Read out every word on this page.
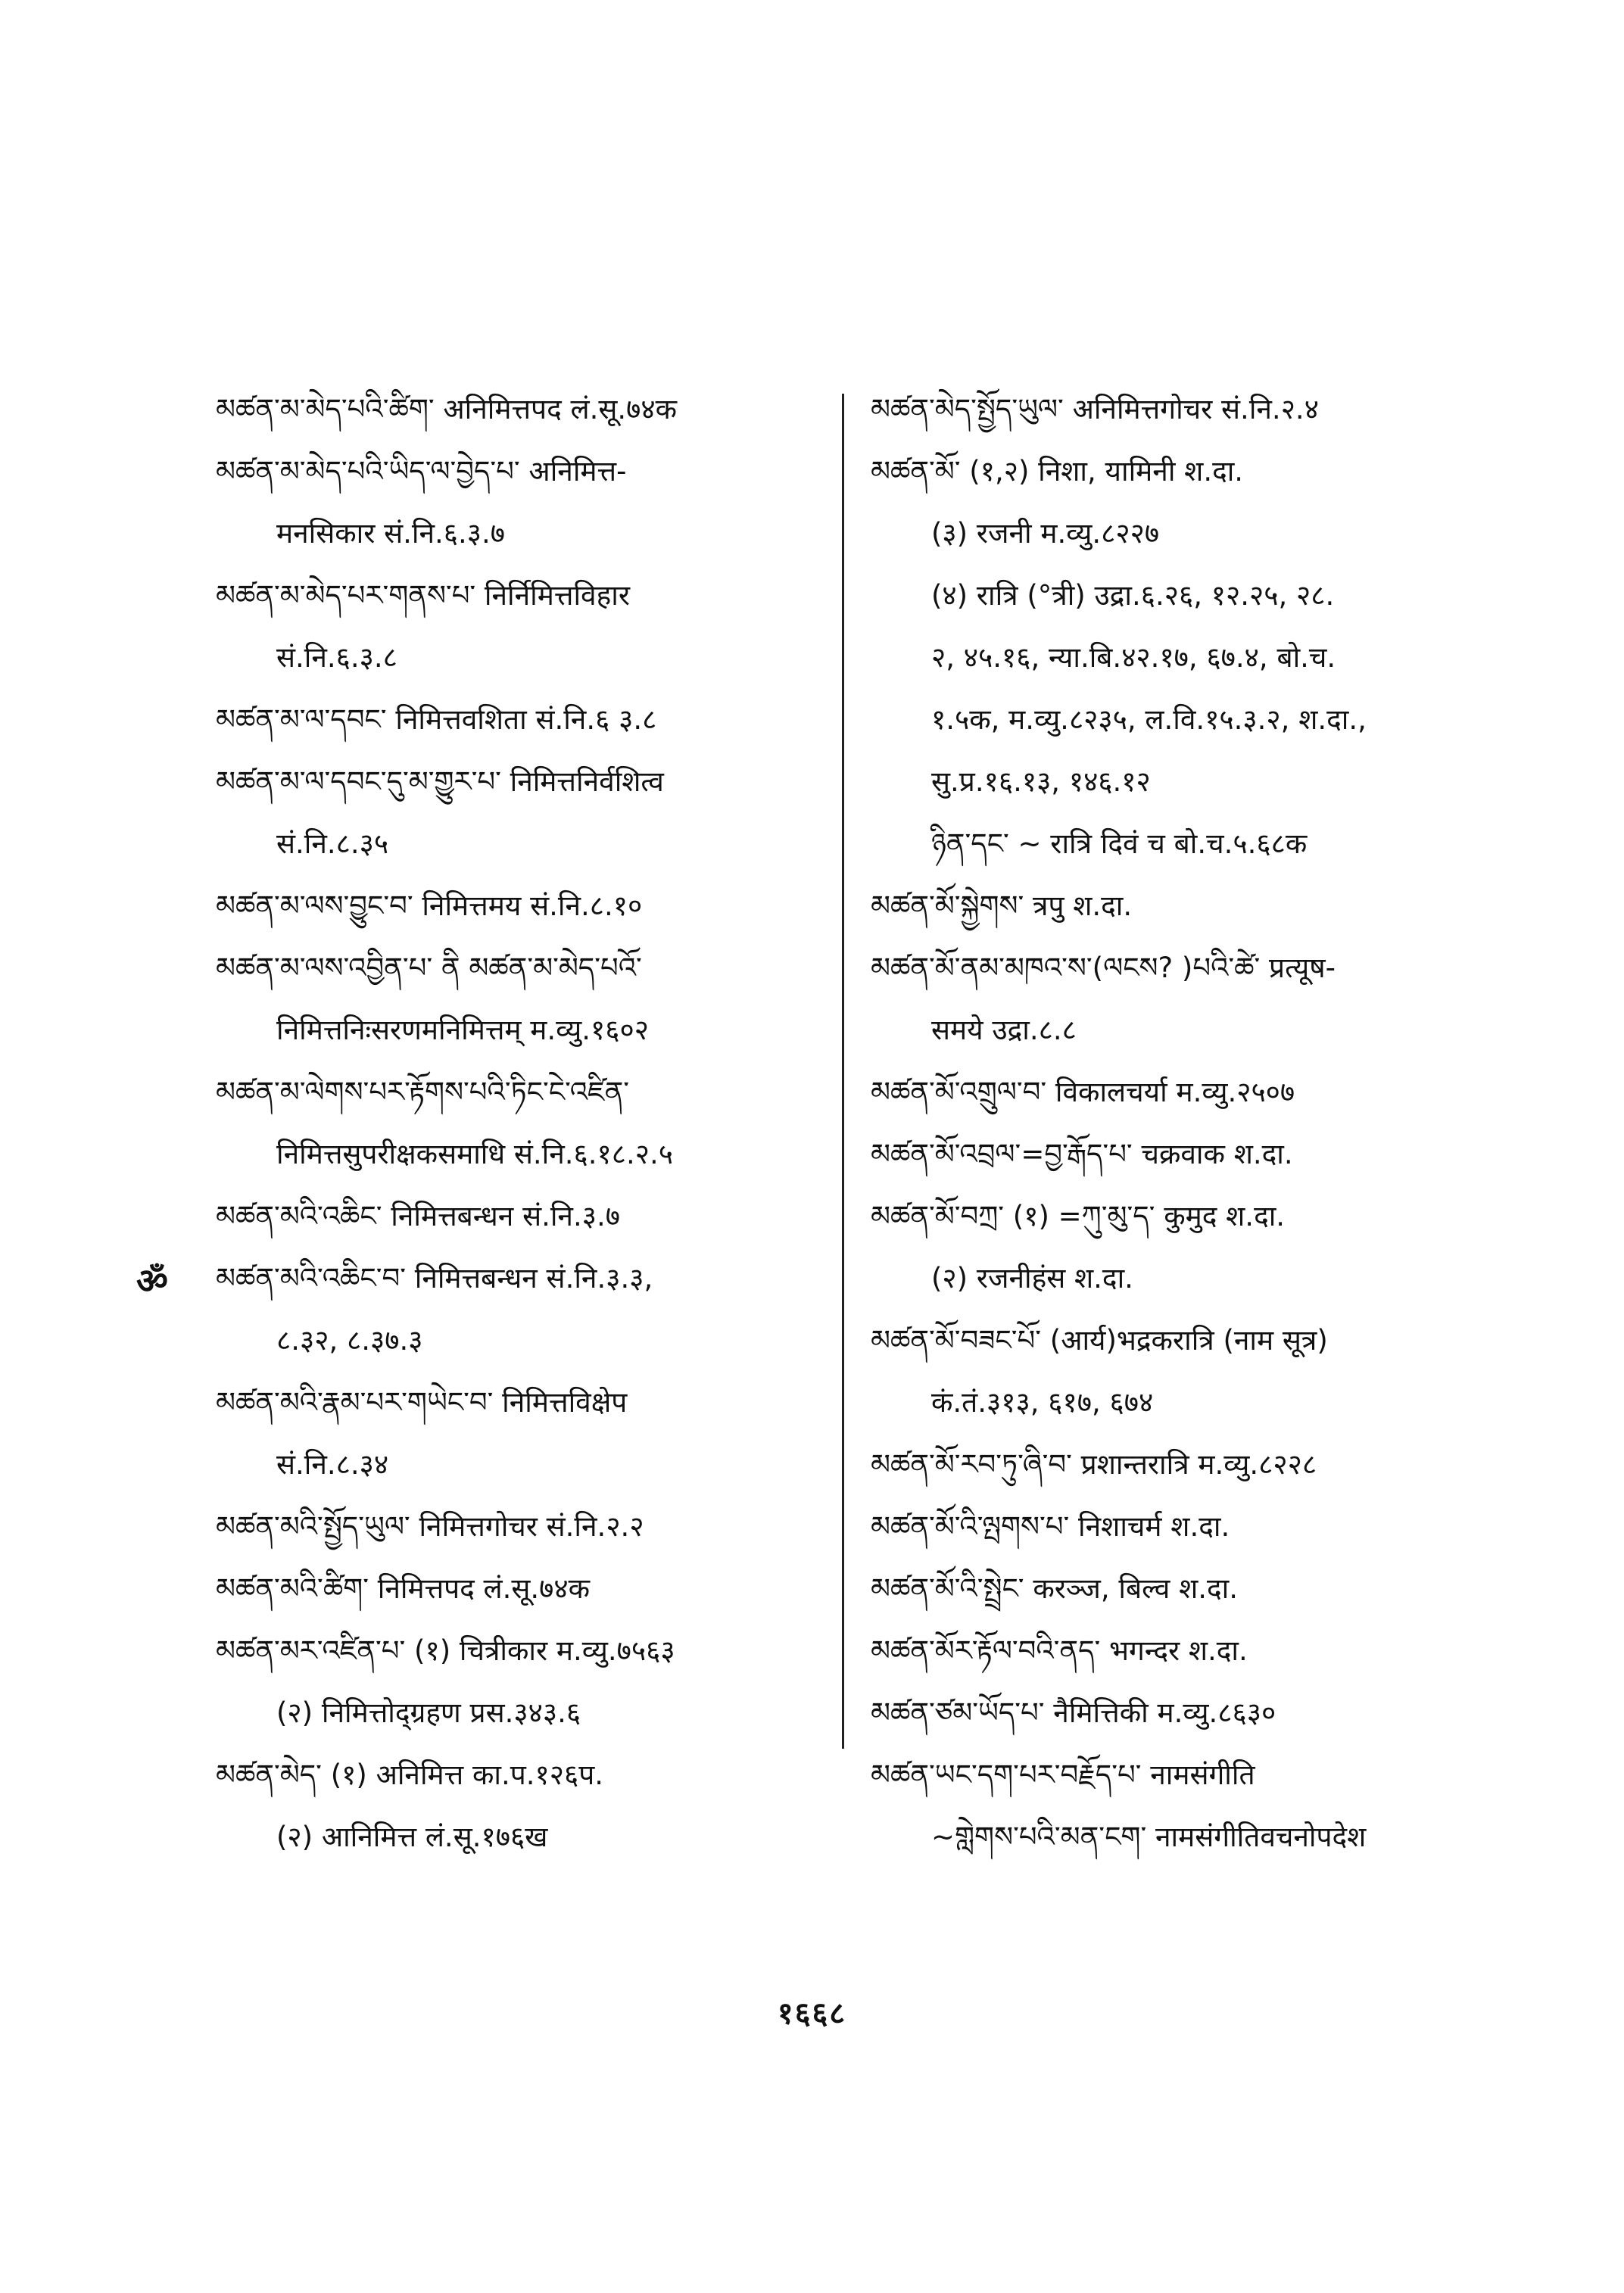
ॐ
མཚན་མ་མེད་པའི་ཚིག་ अनिमित्तपद लं.सू.७४क
མཚན་མ་མེད་པའི་ཡིད་ལ་བྱེད་པ་ अनिमित्त-
मनसिकार सं.नि.६.३.७
མཚན་མ་མེད་པར་གནས་པ་ निर्निमित्तविहार
सं.नि.६.३.८
མཚན་མ་ལ་དབང་ निमित्तवशिता सं.नि.६ ३.८
མཚན་མ་ལ་དབང་དུ་མ་གྱུར་པ་ निमित्तनिर्वशित्व
सं.नि.८.३५
མཚན་མ་ལས་བྱུང་བ་ निमित्तमय सं.नि.८.१०
མཚན་མ་ལས་འབྱིན་པ་ ནི མཚན་མ་མེད་པའོ་
निमित्तनिःसरणमनिमित्तम् म.व्यु.१६०२
མཚན་མ་ལེགས་པར་རྟོགས་པའི་ཏིང་ངེ་འཛིན་
निमित्तसुपरीक्षकसमाधि सं.नि.६.१८.२.५
མཚན་མའི་འཆིང་ निमित्तबन्धन सं.नि.३.७
མཚན་མའི་འཆིང་བ་ निमित्तबन्धन सं.नि.३.३,
८.३२, ८.३७.३
མཚན་མའི་རྣམ་པར་གཡེང་བ་ निमित्तविक्षेप
सं.नि.८.३४
མཚན་མའི་སྤྱོད་ཡུལ་ निमित्तगोचर सं.नि.२.२
མཚན་མའི་ཚིག་ निमित्तपद लं.सू.७४क
མཚན་མར་འཛིན་པ་ (१) चित्रीकार म.व्यु.७५६३
(२) निमित्तोद्ग्रहण प्रस.३४३.६
མཚན་མེད་ (१) अनिमित्त का.प.१२६प.
(२) आनिमित्त लं.सू.१७६ख
མཚན་མེད་སྤྱོད་ཡུལ་ अनिमित्तगोचर सं.नि.२.४
མཚན་མོ་ (१,२) निशा, यामिनी श.दा.
(३) रजनी म.व्यु.८२२७
(४) रात्रि (°त्री) उद्रा.६.२६, १२.२५, २८.
२, ४५.१६, न्या.बि.४२.१७, ६७.४, बो.च.
१.५क, म.व्यु.८२३५, ल.वि.१५.३.२, श.दा.,
सु.प्र.१६.१३, १४६.१२
ཉིན་དང་ ~ रात्रि दिवं च बो.च.५.६८क
མཚན་མོ་སྐྱེགས་ त्रपु श.दा.
མཚན་མོ་ནམ་མཁའ་ས་(ལངས? )པའི་ཚེ་ प्रत्यूष-
समये उद्रा.८.८
མཚན་མོ་འགྲུལ་བ་ विकालचर्या म.व्यु.२५०७
མཚན་མོ་འབྲལ་=བྱ་རྒོད་པ་ चक्रवाक श.दा.
མཚན་མོ་བཀྲ་ (१) =ཀུ་མུ་ད་ कुमुद श.दा.
(२) रजनीहंस श.दा.
མཚན་མོ་བཟང་པོ་ (आर्य)भद्रकरात्रि (नाम सूत्र)
कं.तं.३१३, ६१७, ६७४
མཚན་མོ་རབ་ཏུ་ཞི་བ་ प्रशान्तरात्रि म.व्यु.८२२८
མཚན་མོ་འི་ལྤགས་པ་ निशाचर्म श.दा.
མཚན་མོ་འི་སྤྲེང་ करञ्ज, बिल्व श.दा.
མཚན་མོར་རྟོལ་བའི་ནད་ भगन्दर श.दा.
མཚན་ཙམ་ཡོད་པ་ नैमित्तिकी म.व्यु.८६३०
མཚན་ཡང་དག་པར་བརྗོད་པ་ नामसंगीति
~གླེགས་པའི་མན་ངག་ नामसंगीतिवचनोपदेश
१६६८
